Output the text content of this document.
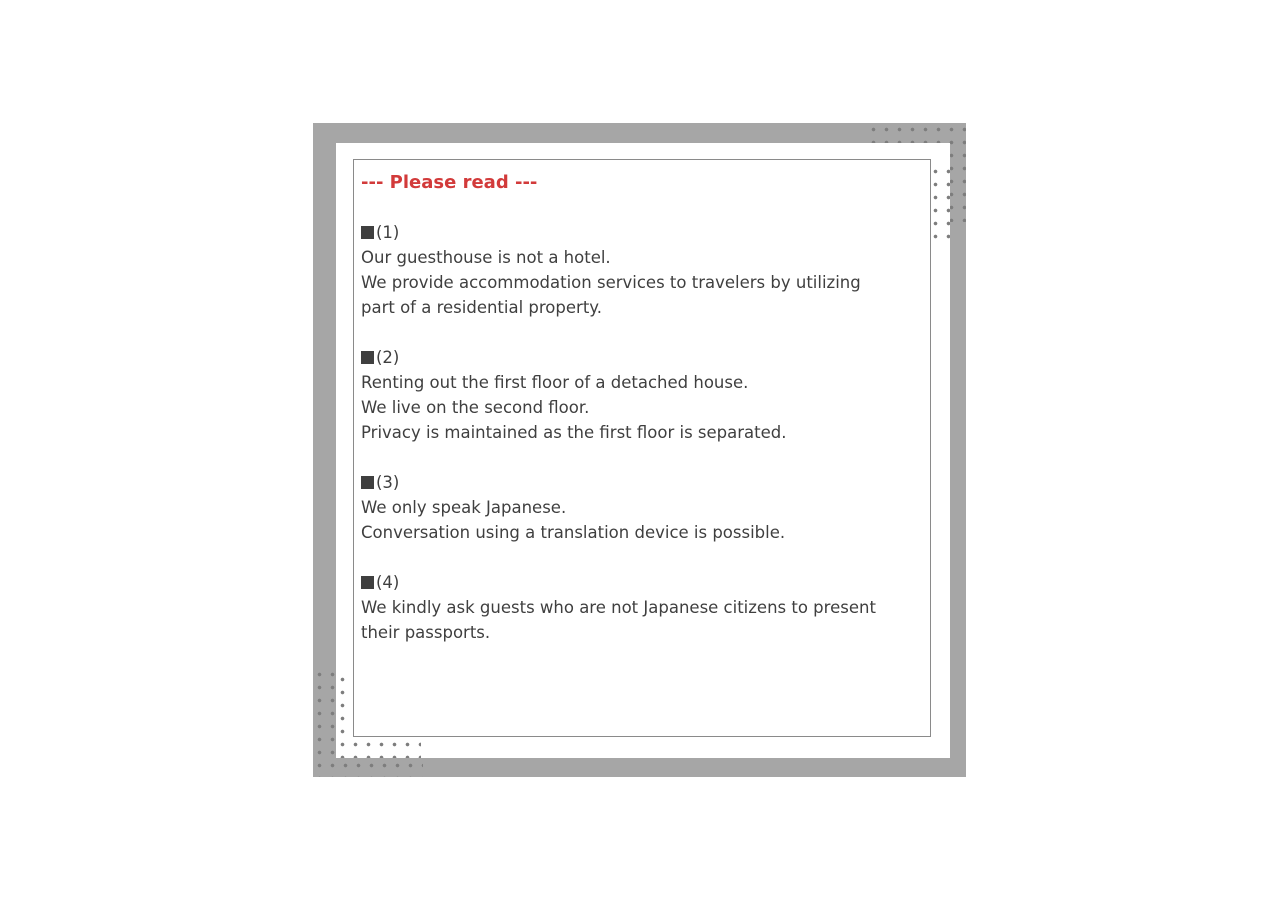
--- Please read ---
(1)
Our guesthouse is not a hotel.
We provide accommodation services to travelers by utilizing
part of a residential property.
(2)
Renting out the first floor of a detached house.
We live on the second floor.
Privacy is maintained as the first floor is separated.
(3)
We only speak Japanese.
Conversation using a translation device is possible.
(4)
We kindly ask guests who are not Japanese citizens to present
their passports.
